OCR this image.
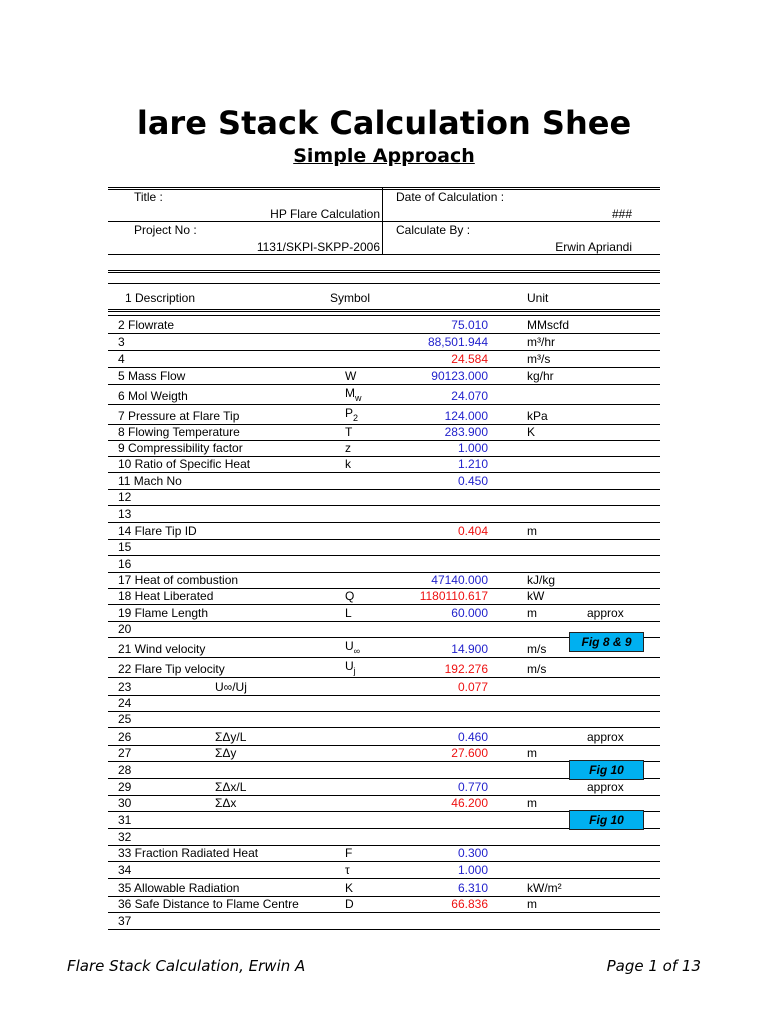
lare Stack Calculation Shee
Simple Approach
Title :
HP Flare Calculation
Date of Calculation :
###
Project No :
1131/SKPI-SKPP-2006
Calculate By :
Erwin Apriandi
1 Description	Symbol	Unit
2 Flowrate	75.010	MMscfd
3	88,501.944	m³/hr
4	24.584	m³/s
5 Mass Flow	W	90123.000	kg/hr
6 Mol Weigth	$M_w$	24.070
7 Pressure at Flare Tip	$P_2$	124.000	kPa
8 Flowing Temperature	T	283.900	K
9 Compressibility factor	z	1.000
10 Ratio of Specific Heat	k	1.210
11 Mach No	0.450
12
13
14 Flare Tip ID	0.404	m
15
16
17 Heat of combustion	47140.000	kJ/kg
18 Heat Liberated	Q	1180110.617	kW
19 Flame Length	L	60.000	m	approx
20
21 Wind velocity	$U_\infty$	14.900	m/s
22 Flare Tip velocity	$U_j$	192.276	m/s
23	U∞/Uj	0.077
24
25
26	ΣΔy/L	0.460	approx
27	ΣΔy	27.600	m
28
29	ΣΔx/L	0.770	approx
30	ΣΔx	46.200	m
31
32
33 Fraction Radiated Heat	F	0.300
34	τ	1.000
35 Allowable Radiation	K	6.310	kW/m²
36 Safe Distance to Flame Centre	D	66.836	m
37
Fig 8 & 9
Fig 10
Fig 10
Flare Stack Calculation, Erwin A	Page 1 of 13
